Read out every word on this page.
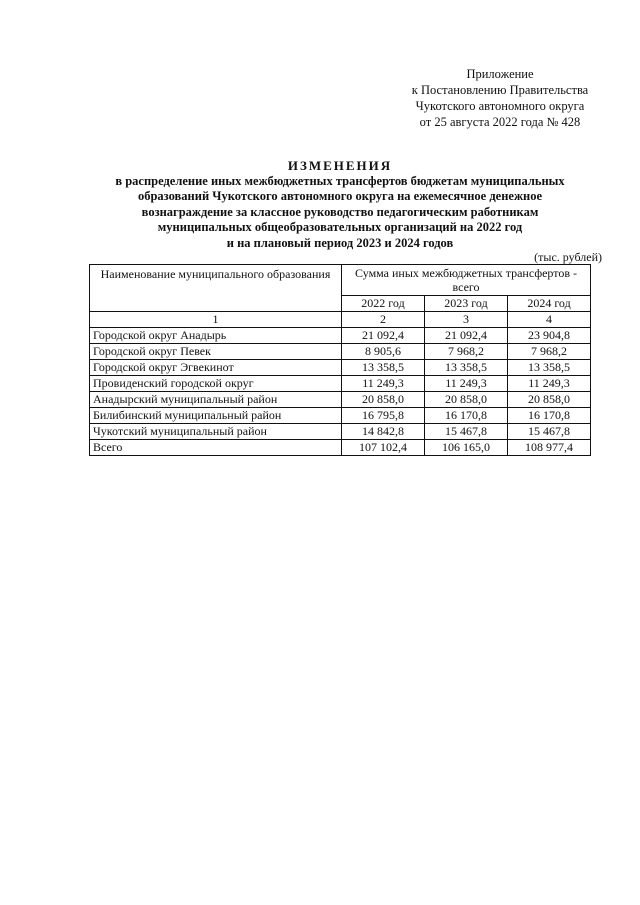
Приложение
к Постановлению Правительства
Чукотского автономного округа
от 25 августа 2022 года № 428
ИЗМЕНЕНИЯ
в распределение иных межбюджетных трансфертов бюджетам муниципальных
образований Чукотского автономного округа на ежемесячное денежное
вознаграждение за классное руководство педагогическим работникам
муниципальных общеобразовательных организаций на 2022 год
и на плановый период 2023 и 2024 годов
(тыс. рублей)
Наименование муниципального образования	Сумма иных межбюджетных трансфертов - всего		
	2022 год	2023 год	2024 год
1	2	3	4
Городской округ Анадырь	21 092,4	21 092,4	23 904,8
Городской округ Певек	8 905,6	7 968,2	7 968,2
Городской округ Эгвекинот	13 358,5	13 358,5	13 358,5
Провиденский городской округ	11 249,3	11 249,3	11 249,3
Анадырский муниципальный район	20 858,0	20 858,0	20 858,0
Билибинский муниципальный район	16 795,8	16 170,8	16 170,8
Чукотский муниципальный район	14 842,8	15 467,8	15 467,8
Всего	107 102,4	106 165,0	108 977,4
